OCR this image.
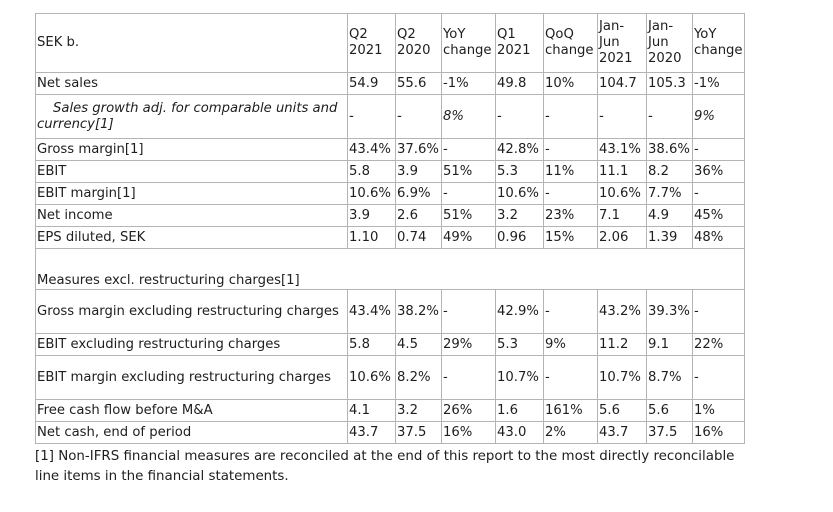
SEK b.	Q2 2021	Q2 2020	YoY change	Q1 2021	QoQ change	Jan-Jun 2021	Jan-Jun 2020	YoY change
Net sales	54.9	55.6	-1%	49.8	10%	104.7	105.3	-1%
Sales growth adj. for comparable units and currency[1]	-	-	8%	-	-	-	-	9%
Gross margin[1]	43.4%	37.6%	-	42.8%	-	43.1%	38.6%	-
EBIT	5.8	3.9	51%	5.3	11%	11.1	8.2	36%
EBIT margin[1]	10.6%	6.9%	-	10.6%	-	10.6%	7.7%	-
Net income	3.9	2.6	51%	3.2	23%	7.1	4.9	45%
EPS diluted, SEK	1.10	0.74	49%	0.96	15%	2.06	1.39	48%
Measures excl. restructuring charges[1]								
Gross margin excluding restructuring charges	43.4%	38.2%	-	42.9%	-	43.2%	39.3%	-
EBIT excluding restructuring charges	5.8	4.5	29%	5.3	9%	11.2	9.1	22%
EBIT margin excluding restructuring charges	10.6%	8.2%	-	10.7%	-	10.7%	8.7%	-
Free cash flow before M&A	4.1	3.2	26%	1.6	161%	5.6	5.6	1%
Net cash, end of period	43.7	37.5	16%	43.0	2%	43.7	37.5	16%
[1] Non-IFRS financial measures are reconciled at the end of this report to the most directly reconcilable line items in the financial statements.
